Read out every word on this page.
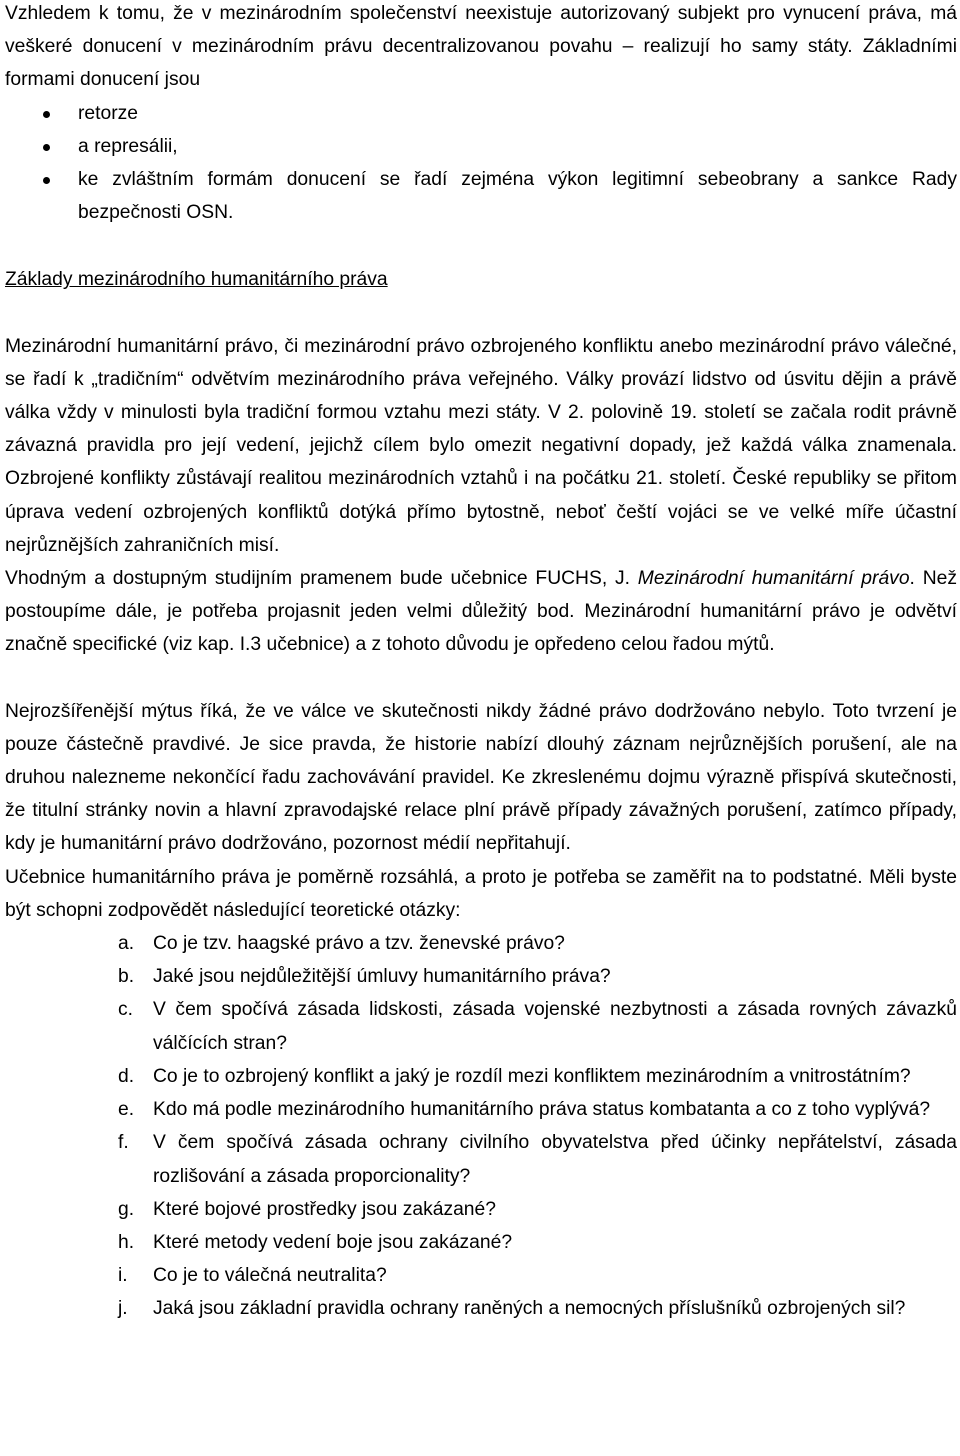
Vzhledem k tomu, že v mezinárodním společenství neexistuje autorizovaný subjekt pro vynucení práva, má veškeré donucení v mezinárodním právu decentralizovanou povahu – realizují ho samy státy. Základními formami donucení jsou

retorze
a represálii,
ke zvláštním formám donucení se řadí zejména výkon legitimní sebeobrany a sankce Rady bezpečnosti OSN.

Základy mezinárodního humanitárního práva

Mezinárodní humanitární právo, či mezinárodní právo ozbrojeného konfliktu anebo mezinárodní právo válečné, se řadí k „tradičním“ odvětvím mezinárodního práva veřejného. Války provází lidstvo od úsvitu dějin a právě válka vždy v minulosti byla tradiční formou vztahu mezi státy. V 2. polovině 19. století se začala rodit právně závazná pravidla pro její vedení, jejichž cílem bylo omezit negativní dopady, jež každá válka znamenala. Ozbrojené konflikty zůstávají realitou mezinárodních vztahů i na počátku 21. století. České republiky se přitom úprava vedení ozbrojených konfliktů dotýká přímo bytostně, neboť čeští vojáci se ve velké míře účastní nejrůznějších zahraničních misí.

Vhodným a dostupným studijním pramenem bude učebnice FUCHS, J. Mezinárodní humanitární právo. Než postoupíme dále, je potřeba projasnit jeden velmi důležitý bod. Mezinárodní humanitární právo je odvětví značně specifické (viz kap. I.3 učebnice) a z tohoto důvodu je opředeno celou řadou mýtů.

Nejrozšířenější mýtus říká, že ve válce ve skutečnosti nikdy žádné právo dodržováno nebylo. Toto tvrzení je pouze částečně pravdivé. Je sice pravda, že historie nabízí dlouhý záznam nejrůznějších porušení, ale na druhou nalezneme nekončící řadu zachovávání pravidel. Ke zkreslenému dojmu výrazně přispívá skutečnosti, že titulní stránky novin a hlavní zpravodajské relace plní právě případy závažných porušení, zatímco případy, kdy je humanitární právo dodržováno, pozornost médií nepřitahují.

Učebnice humanitárního práva je poměrně rozsáhlá, a proto je potřeba se zaměřit na to podstatné. Měli byste být schopni zodpovědět následující teoretické otázky:

a. Co je tzv. haagské právo a tzv. ženevské právo?
b. Jaké jsou nejdůležitější úmluvy humanitárního práva?
c. V čem spočívá zásada lidskosti, zásada vojenské nezbytnosti a zásada rovných závazků válčících stran?
d. Co je to ozbrojený konflikt a jaký je rozdíl mezi konfliktem mezinárodním a vnitrostátním?
e. Kdo má podle mezinárodního humanitárního práva status kombatanta a co z toho vyplývá?
f. V čem spočívá zásada ochrany civilního obyvatelstva před účinky nepřátelství, zásada rozlišování a zásada proporcionality?
g. Které bojové prostředky jsou zakázané?
h. Které metody vedení boje jsou zakázané?
i. Co je to válečná neutralita?
j. Jaká jsou základní pravidla ochrany raněných a nemocných příslušníků ozbrojených sil?
